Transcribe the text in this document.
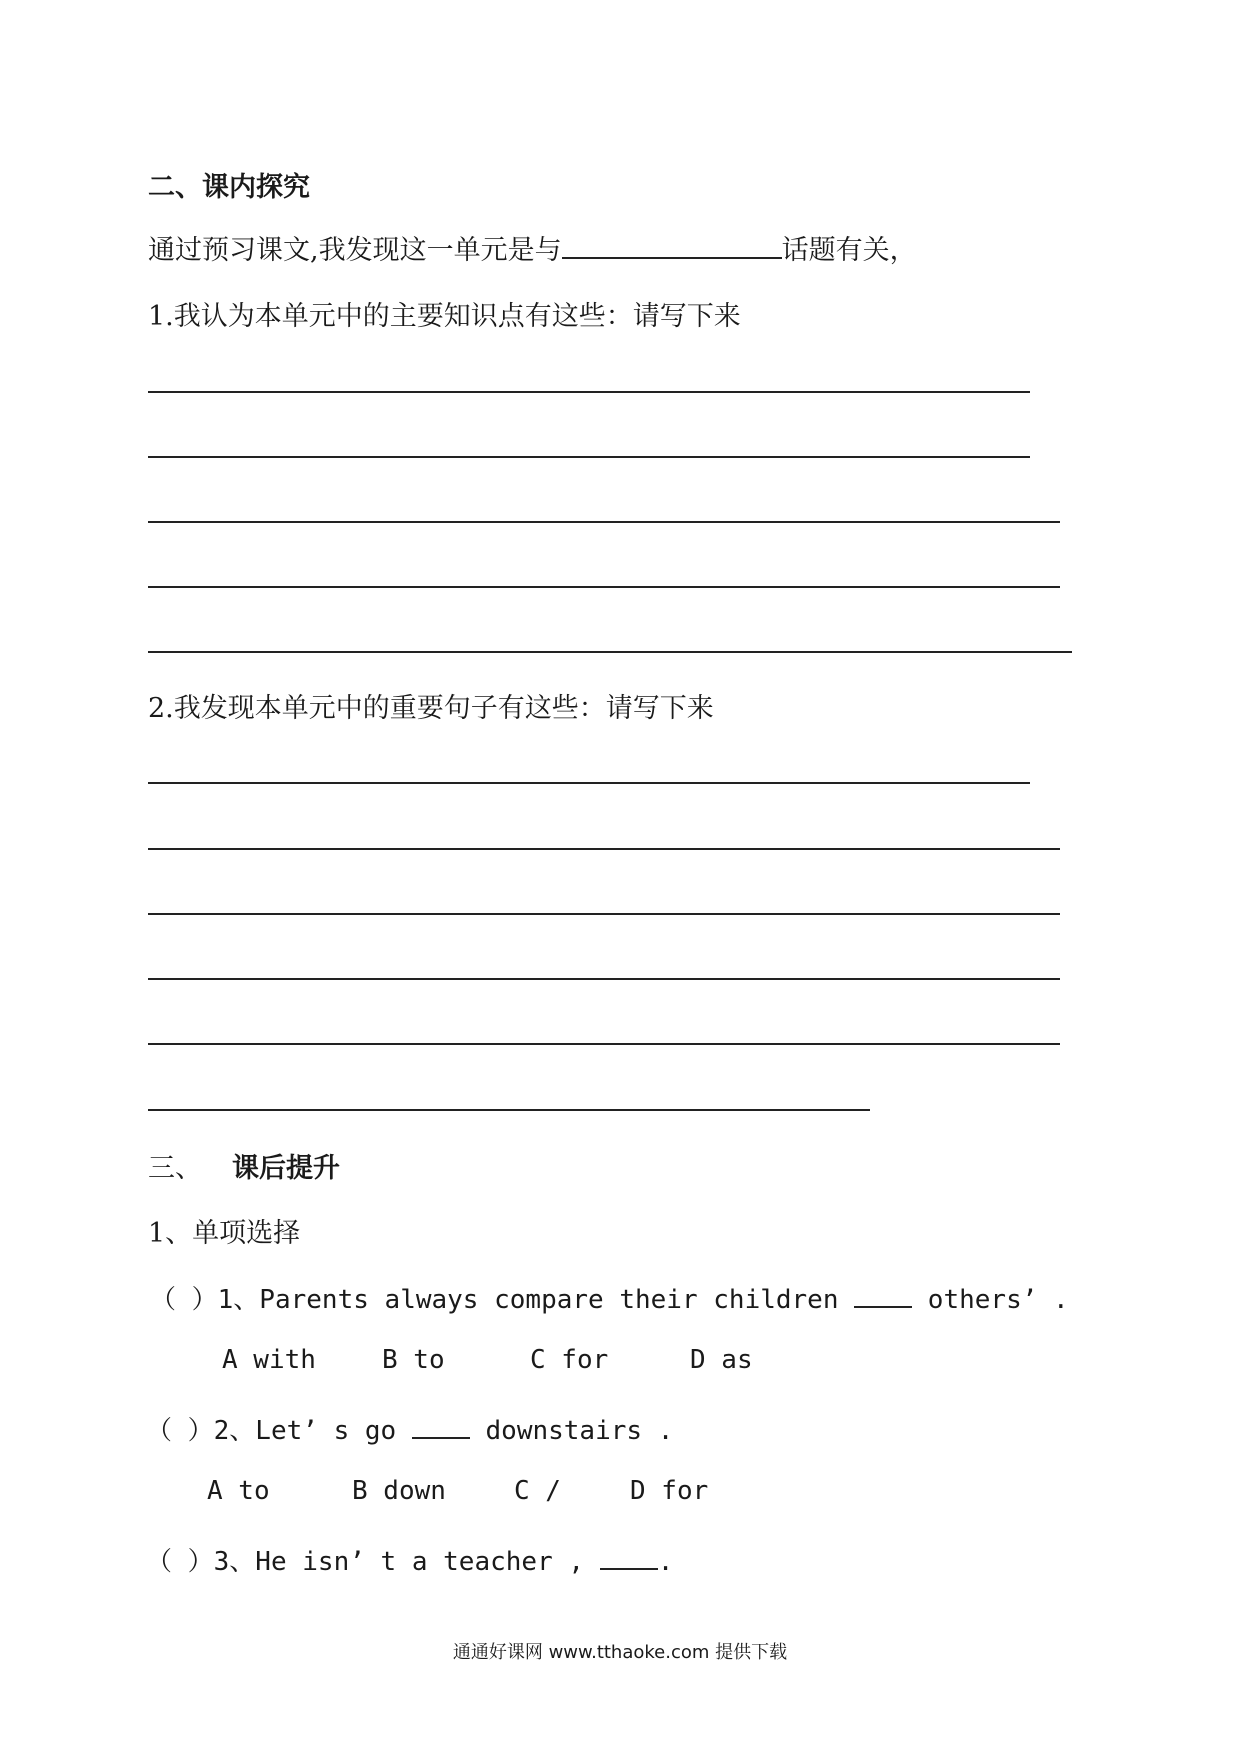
二、课内探究
通过预习课文,我发现这一单元是与	话题有关，
1.我认为本单元中的主要知识点有这些：请写下来
2.我发现本单元中的重要句子有这些：请写下来
三、 课后提升
1、单项选择
（ ）1、Parents always compare their children	others’ .
A with	B to	C for	D as
（ ）2、Let’ s go	downstairs .
A to	B down	C /	D for
（ ）3、He isn’ t a teacher ,	.
通通好课网 www.tthaoke.com 提供下载
